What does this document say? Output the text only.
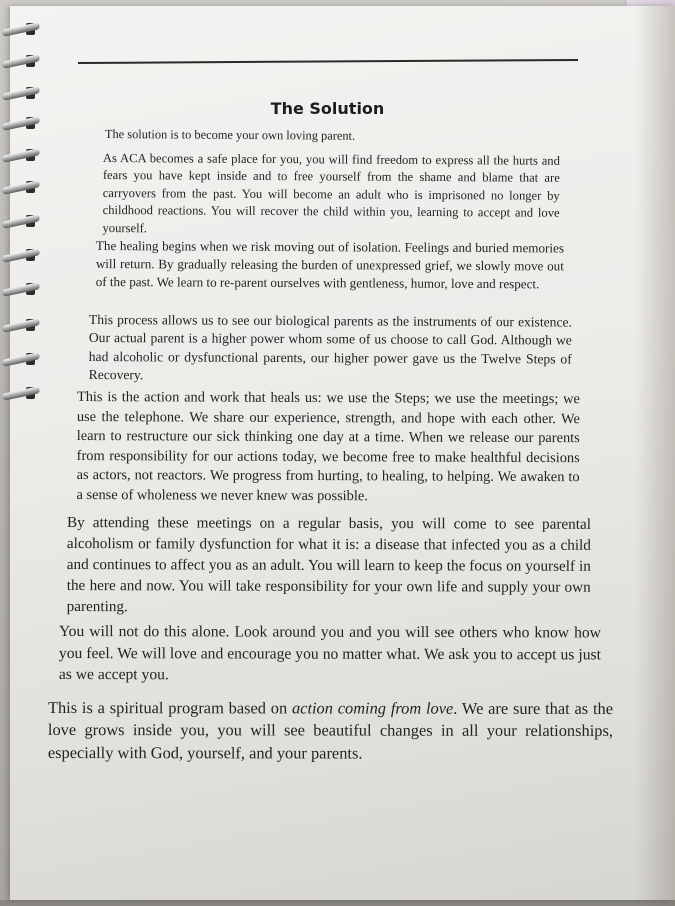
The Solution

The solution is to become your own loving parent.

As ACA becomes a safe place for you, you will find freedom to express all the hurts and fears you have kept inside and to free yourself from the shame and blame that are carryovers from the past. You will become an adult who is imprisoned no longer by childhood reactions. You will recover the child within you, learning to accept and love yourself.

The healing begins when we risk moving out of isolation. Feelings and buried memories will return. By gradually releasing the burden of unexpressed grief, we slowly move out of the past. We learn to re-parent ourselves with gentleness, humor, love and respect.

This process allows us to see our biological parents as the instruments of our existence. Our actual parent is a higher power whom some of us choose to call God. Although we had alcoholic or dysfunctional parents, our higher power gave us the Twelve Steps of Recovery.

This is the action and work that heals us: we use the Steps; we use the meetings; we use the telephone. We share our experience, strength, and hope with each other. We learn to restructure our sick thinking one day at a time. When we release our parents from responsibility for our actions today, we become free to make healthful decisions as actors, not reactors. We progress from hurting, to healing, to helping. We awaken to a sense of wholeness we never knew was possible.

By attending these meetings on a regular basis, you will come to see parental alcoholism or family dysfunction for what it is: a disease that infected you as a child and continues to affect you as an adult. You will learn to keep the focus on yourself in the here and now. You will take responsibility for your own life and supply your own parenting.

You will not do this alone. Look around you and you will see others who know how you feel. We will love and encourage you no matter what. We ask you to accept us just as we accept you.

This is a spiritual program based on action coming from love. We are sure that as the love grows inside you, you will see beautiful changes in all your relationships, especially with God, yourself, and your parents.
